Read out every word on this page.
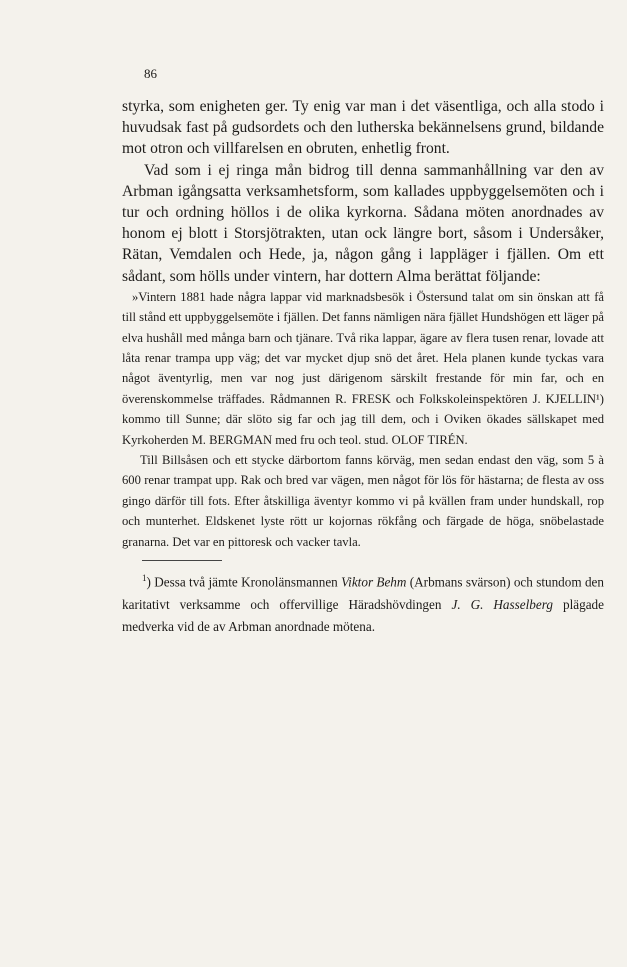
86

styrka, som enigheten ger. Ty enig var man i det väsentliga, och alla stodo i huvudsak fast på gudsordets och den lutherska bekännelsens grund, bildande mot otron och villfarelsen en obruten, enhetlig front.

Vad som i ej ringa mån bidrog till denna sammanhållning var den av Arbman igångsatta verksamhetsform, som kallades uppbyggelsemöten och i tur och ordning höllos i de olika kyrkorna. Sådana möten anordnades av honom ej blott i Storsjötrakten, utan ock längre bort, såsom i Undersåker, Rätan, Vemdalen och Hede, ja, någon gång i lappläger i fjällen. Om ett sådant, som hölls under vintern, har dottern Alma berättat följande:

»Vintern 1881 hade några lappar vid marknadsbesök i Östersund talat om sin önskan att få till stånd ett uppbyggelsemöte i fjällen. Det fanns nämligen nära fjället Hundshögen ett läger på elva hushåll med många barn och tjänare. Två rika lappar, ägare av flera tusen renar, lovade att låta renar trampa upp väg; det var mycket djup snö det året. Hela planen kunde tyckas vara något äventyrlig, men var nog just därigenom särskilt frestande för min far, och en överenskommelse träffades. Rådmannen R. FRESK och Folkskoleinspektören J. KJELLIN¹) kommo till Sunne; där slöto sig far och jag till dem, och i Oviken ökades sällskapet med Kyrkoherden M. BERGMAN med fru och teol. stud. OLOF TIRÉN.

Till Billsåsen och ett stycke därbortom fanns körväg, men sedan endast den väg, som 5 à 600 renar trampat upp. Rak och bred var vägen, men något för lös för hästarna; de flesta av oss gingo därför till fots. Efter åtskilliga äventyr kommo vi på kvällen fram under hundskall, rop och munterhet. Eldskenet lyste rött ur kojornas rökfång och färgade de höga, snöbelastade granarna. Det var en pittoresk och vacker tavla.

$^1$) Dessa två jämte Kronolänsmannen Viktor Behm (Arbmans svärson) och stundom den karitativt verksamme och offervillige Häradshövdingen J. G. Hasselberg plägade medverka vid de av Arbman anordnade mötena.
